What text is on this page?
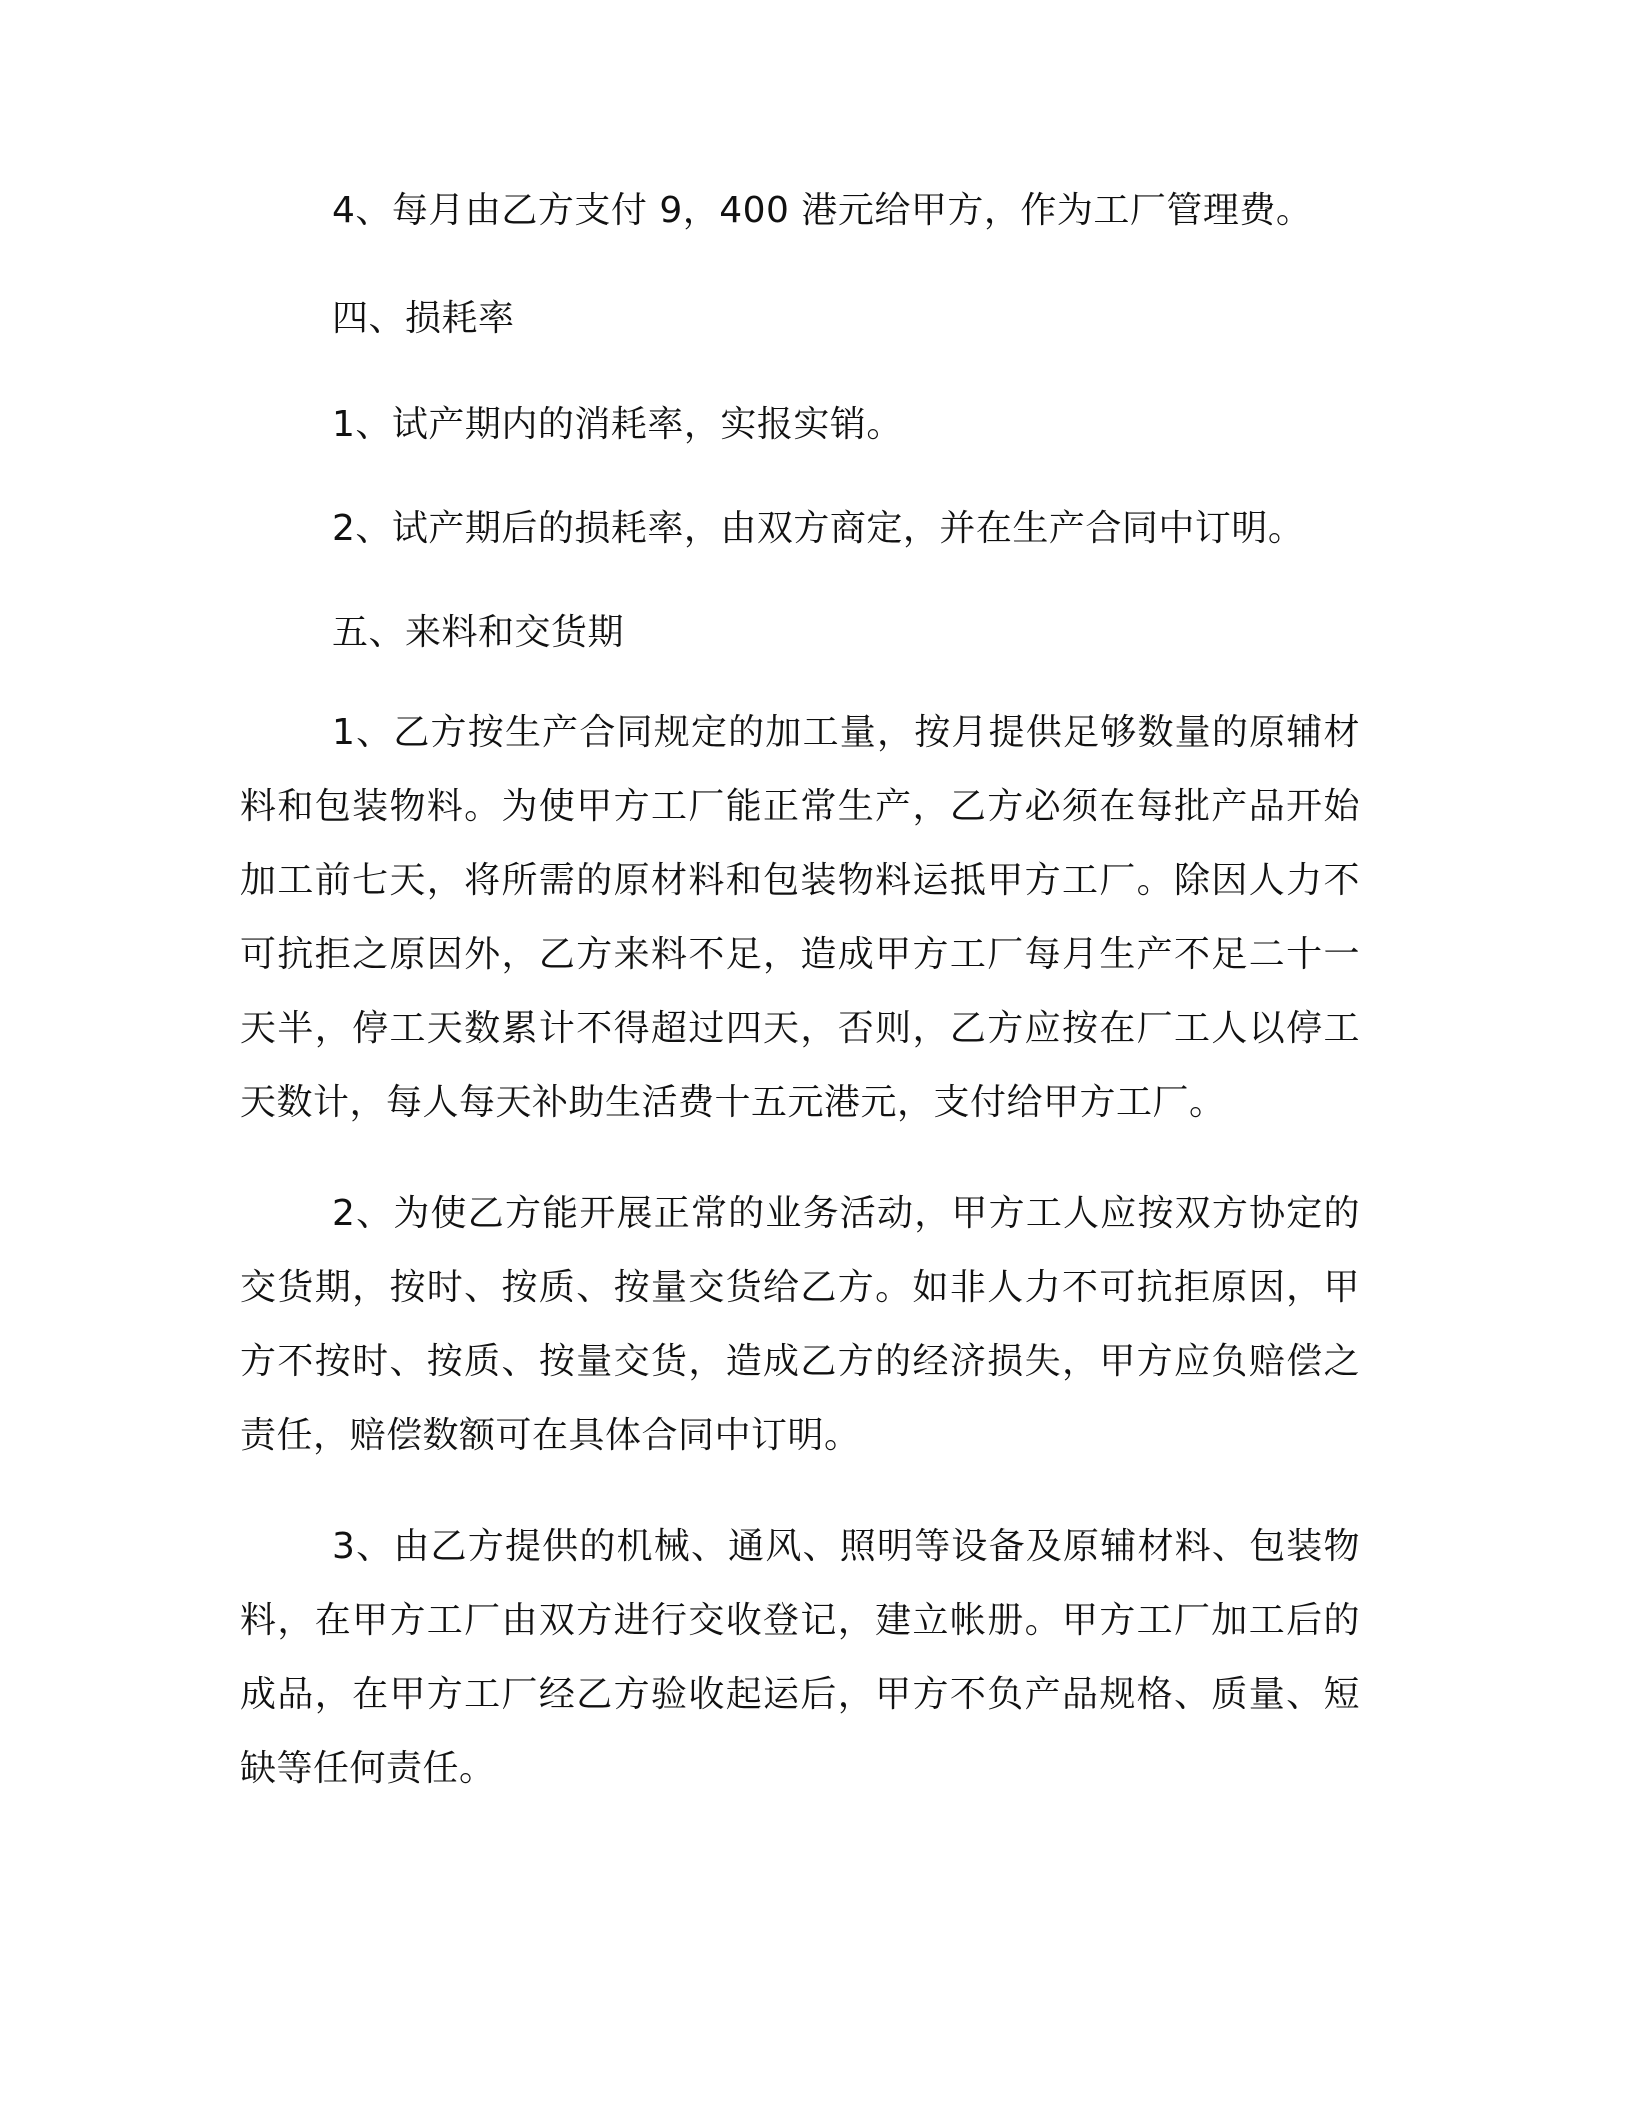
4、每月由乙方支付 9，400 港元给甲方，作为工厂管理费。

四、损耗率

1、试产期内的消耗率，实报实销。

2、试产期后的损耗率，由双方商定，并在生产合同中订明。

五、来料和交货期

1、乙方按生产合同规定的加工量，按月提供足够数量的原辅材料和包装物料。为使甲方工厂能正常生产，乙方必须在每批产品开始加工前七天，将所需的原材料和包装物料运抵甲方工厂。除因人力不可抗拒之原因外，乙方来料不足，造成甲方工厂每月生产不足二十一天半，停工天数累计不得超过四天，否则，乙方应按在厂工人以停工天数计，每人每天补助生活费十五元港元，支付给甲方工厂。

2、为使乙方能开展正常的业务活动，甲方工人应按双方协定的交货期，按时、按质、按量交货给乙方。如非人力不可抗拒原因，甲方不按时、按质、按量交货，造成乙方的经济损失，甲方应负赔偿之责任，赔偿数额可在具体合同中订明。

3、由乙方提供的机械、通风、照明等设备及原辅材料、包装物料，在甲方工厂由双方进行交收登记，建立帐册。甲方工厂加工后的成品，在甲方工厂经乙方验收起运后，甲方不负产品规格、质量、短缺等任何责任。
